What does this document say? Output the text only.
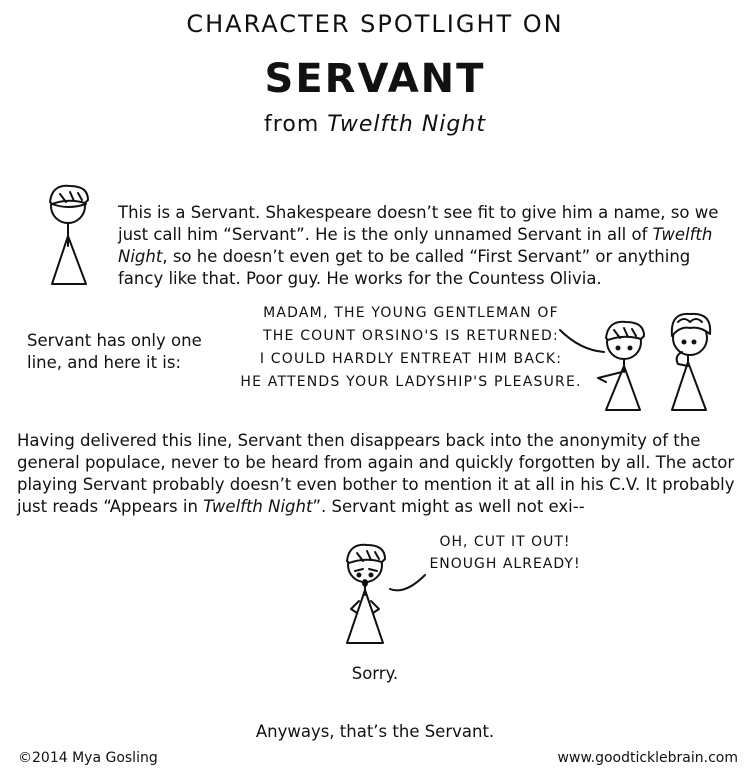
CHARACTER SPOTLIGHT ON
SERVANT
from Twelfth Night
This is a Servant. Shakespeare doesn’t see fit to give him a name, so we just call him “Servant”. He is the only unnamed Servant in all of Twelfth Night, so he doesn’t even get to be called “First Servant” or anything fancy like that. Poor guy. He works for the Countess Olivia.
Servant has only one line, and here it is:
MADAM, THE YOUNG GENTLEMAN OF
THE COUNT ORSINO'S IS RETURNED:
I COULD HARDLY ENTREAT HIM BACK:
HE ATTENDS YOUR LADYSHIP'S PLEASURE.
Having delivered this line, Servant then disappears back into the anonymity of the general populace, never to be heard from again and quickly forgotten by all. The actor playing Servant probably doesn’t even bother to mention it at all in his C.V. It probably just reads “Appears in Twelfth Night”. Servant might as well not exi--
OH, CUT IT OUT!
ENOUGH ALREADY!
Sorry.
Anyways, that’s the Servant.
©2014 Mya Gosling	www.goodticklebrain.com
